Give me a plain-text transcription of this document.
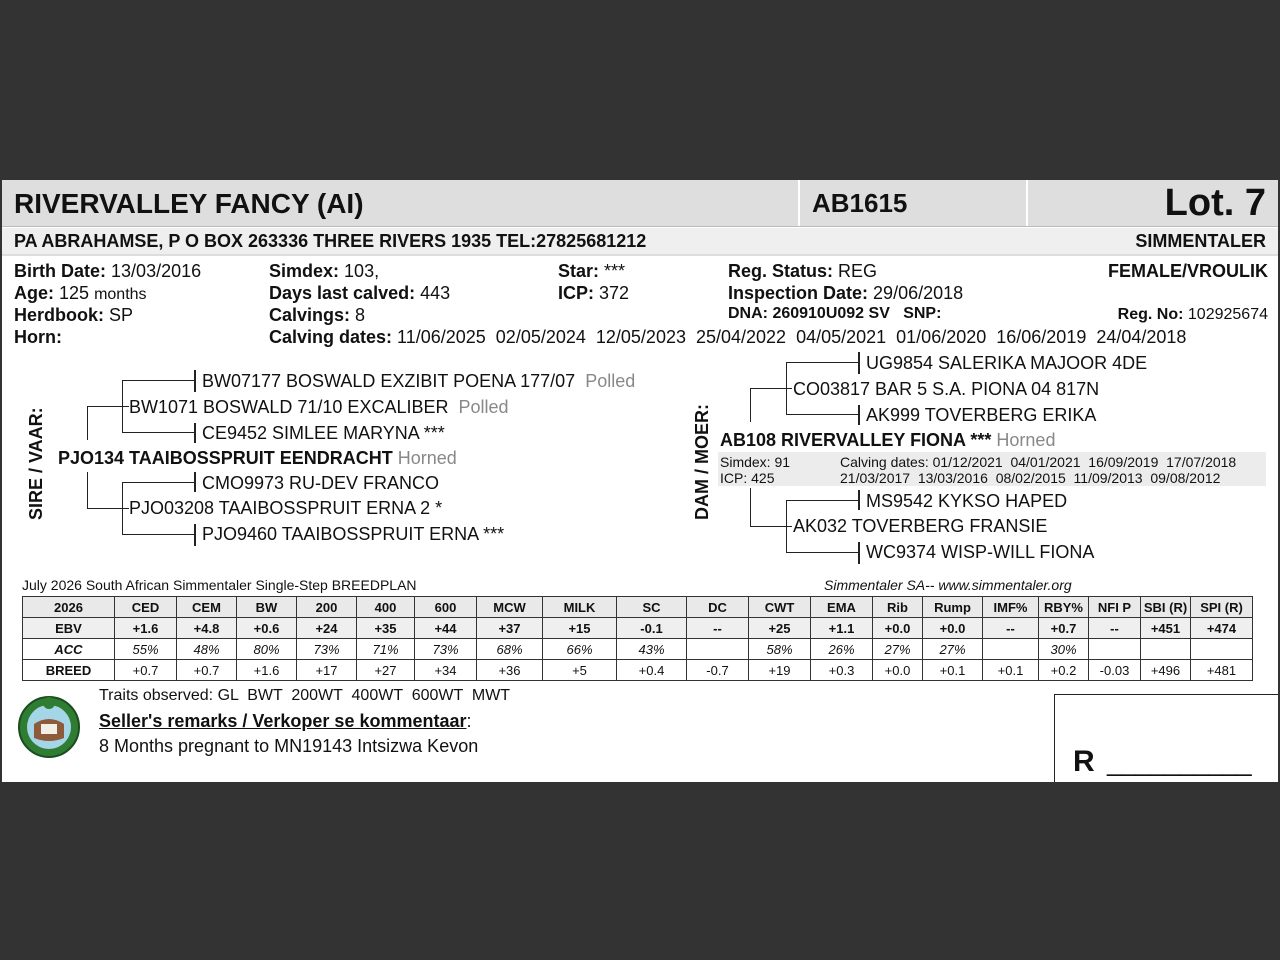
RIVERVALLEY FANCY (AI)	AB1615	Lot. 7
PA ABRAHAMSE, P O BOX 263336 THREE RIVERS 1935 TEL:27825681212	SIMMENTALER
Birth Date: 13/03/2016
Age: 125 months
Herdbook: SP
Horn:
Simdex: 103,
Days last calved: 443
Calvings: 8
Calving dates: 11/06/2025  02/05/2024  12/05/2023  25/04/2022  04/05/2021  01/06/2020  16/06/2019  24/04/2018
Star: ***
ICP: 372
Reg. Status: REG
Inspection Date: 29/06/2018
DNA: 260910U092 SV   SNP:
FEMALE/VROULIK
Reg. No: 102925674
SIRE / VAAR:
BW07177 BOSWALD EXZIBIT POENA 177/07 Polled
BW1071 BOSWALD 71/10 EXCALIBER Polled
CE9452 SIMLEE MARYNA ***
PJO134 TAAIBOSSPRUIT EENDRACHT Horned
CMO9973 RU-DEV FRANCO
PJO03208 TAAIBOSSPRUIT ERNA 2 *
PJO9460 TAAIBOSSPRUIT ERNA ***
DAM / MOER:
UG9854 SALERIKA MAJOOR 4DE
CO03817 BAR 5 S.A. PIONA 04 817N
AK999 TOVERBERG ERIKA
AB108 RIVERVALLEY FIONA *** Horned
Simdex: 91
ICP: 425
Calving dates: 01/12/2021  04/01/2021  16/09/2019  17/07/2018
21/03/2017  13/03/2016  08/02/2015  11/09/2013  09/08/2012
MS9542 KYKSO HAPED
AK032 TOVERBERG FRANSIE
WC9374 WISP-WILL FIONA
July 2026 South African Simmentaler Single-Step BREEDPLAN	Simmentaler SA-- www.simmentaler.org
2026	CED	CEM	BW	200	400	600	MCW	MILK	SC	DC	CWT	EMA	Rib	Rump	IMF%	RBY%	NFI P	SBI (R)	SPI (R)
EBV	+1.6	+4.8	+0.6	+24	+35	+44	+37	+15	-0.1	--	+25	+1.1	+0.0	+0.0	--	+0.7	--	+451	+474
ACC	55%	48%	80%	73%	71%	73%	68%	66%	43%		58%	26%	27%	27%		30%			
BREED	+0.7	+0.7	+1.6	+17	+27	+34	+36	+5	+0.4	-0.7	+19	+0.3	+0.0	+0.1	+0.1	+0.2	-0.03	+496	+481
Traits observed: GL  BWT  200WT  400WT  600WT  MWT
Seller's remarks / Verkoper se kommentaar:
8 Months pregnant to MN19143 Intsizwa Kevon	R __________
